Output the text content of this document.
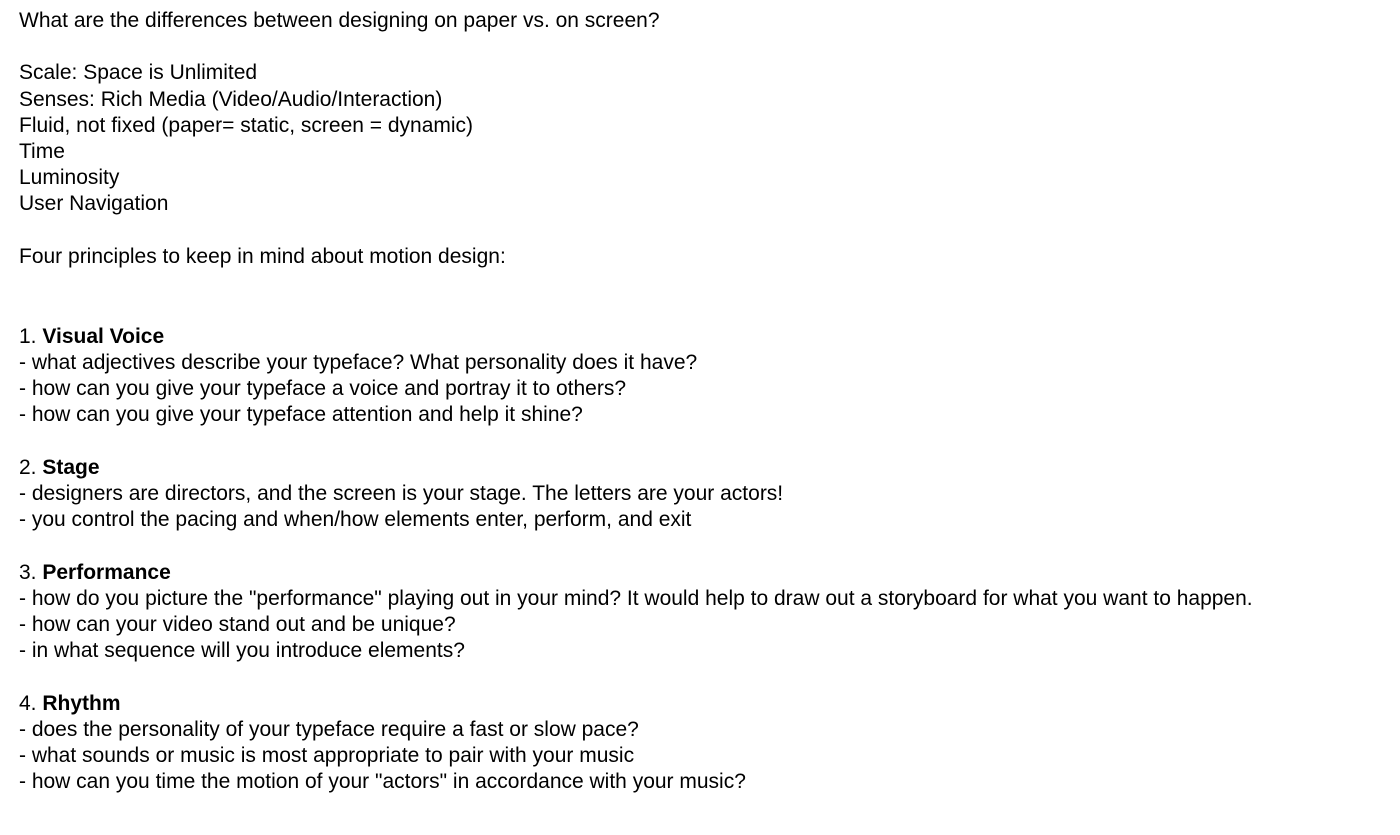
What are the differences between designing on paper vs. on screen?
Scale: Space is Unlimited
Senses: Rich Media (Video/Audio/Interaction)
Fluid, not fixed (paper= static, screen = dynamic)
Time
Luminosity
User Navigation
Four principles to keep in mind about motion design:
1. Visual Voice
- what adjectives describe your typeface? What personality does it have?
- how can you give your typeface a voice and portray it to others?
- how can you give your typeface attention and help it shine?
2. Stage
- designers are directors, and the screen is your stage. The letters are your actors!
- you control the pacing and when/how elements enter, perform, and exit
3. Performance
- how do you picture the "performance" playing out in your mind? It would help to draw out a storyboard for what you want to happen.
- how can your video stand out and be unique?
- in what sequence will you introduce elements?
4. Rhythm
- does the personality of your typeface require a fast or slow pace?
- what sounds or music is most appropriate to pair with your music
- how can you time the motion of your "actors" in accordance with your music?
